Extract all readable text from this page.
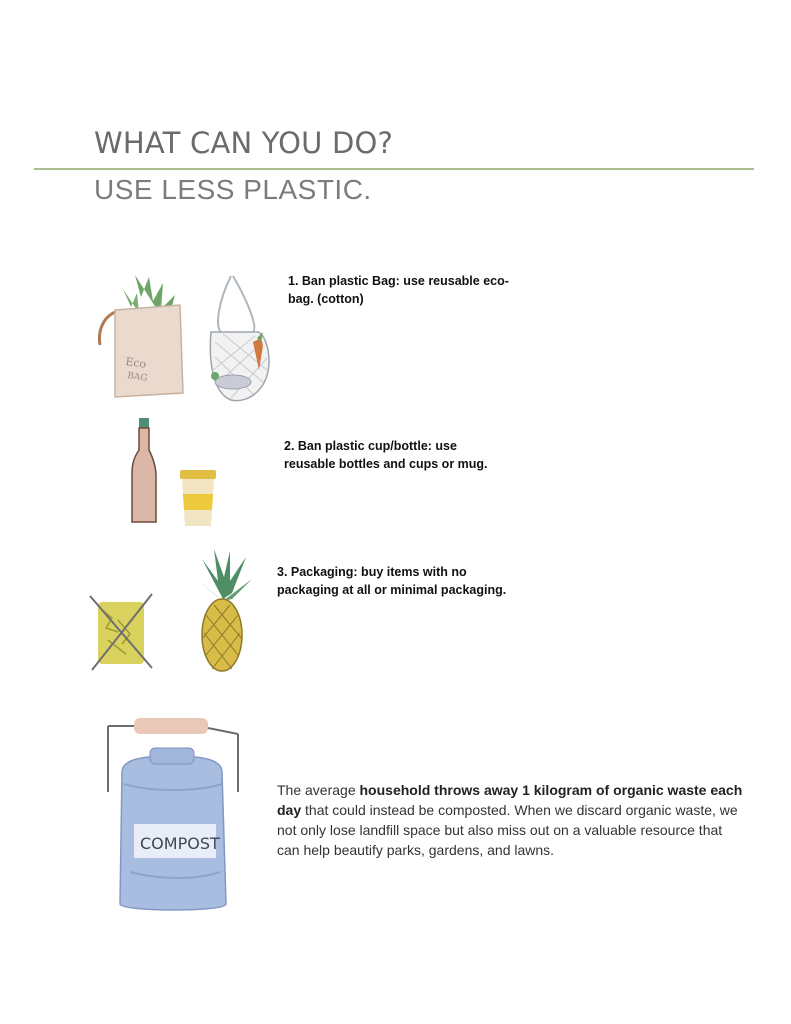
WHAT CAN YOU DO?
USE LESS PLASTIC.
Eco
BAG
1. Ban plastic Bag: use reusable eco-
bag. (cotton)
2. Ban plastic cup/bottle: use
reusable bottles and cups or mug.
3. Packaging: buy items with no
packaging at all or minimal packaging.
COMPOST
The average household throws away 1 kilogram of organic waste each day that could instead be composted. When we discard organic waste, we not only lose landfill space but also miss out on a valuable resource that can help beautify parks, gardens, and lawns.
